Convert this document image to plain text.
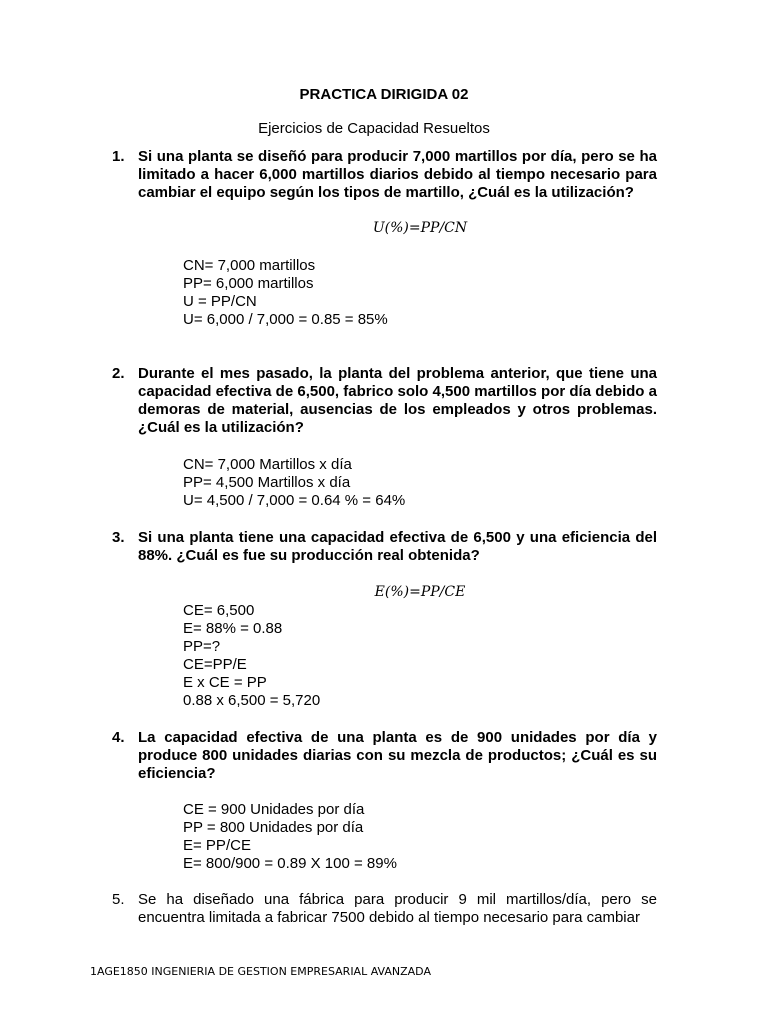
PRACTICA DIRIGIDA 02
Ejercicios de Capacidad Resueltos
1. Si una planta se diseñó para producir 7,000 martillos por día, pero se ha limitado a hacer 6,000 martillos diarios debido al tiempo necesario para cambiar el equipo según los tipos de martillo, ¿Cuál es la utilización?
U(%)=PP/CN
CN= 7,000 martillos
PP= 6,000 martillos
U = PP/CN
U= 6,000 / 7,000 = 0.85 = 85%
2. Durante el mes pasado, la planta del problema anterior, que tiene una capacidad efectiva de 6,500, fabrico solo 4,500 martillos por día debido a demoras de material, ausencias de los empleados y otros problemas. ¿Cuál es la utilización?
CN= 7,000 Martillos x día
PP= 4,500 Martillos x día
U= 4,500 / 7,000 = 0.64 % = 64%
3. Si una planta tiene una capacidad efectiva de 6,500 y una eficiencia del 88%. ¿Cuál es fue su producción real obtenida?
E(%)=PP/CE
CE= 6,500
E= 88% = 0.88
PP=?
CE=PP/E
E x CE = PP
0.88 x 6,500 = 5,720
4. La capacidad efectiva de una planta es de 900 unidades por día y produce 800 unidades diarias con su mezcla de productos; ¿Cuál es su eficiencia?
CE = 900 Unidades por día
PP = 800 Unidades por día
E= PP/CE
E= 800/900 = 0.89 X 100 = 89%
5. Se ha diseñado una fábrica para producir 9 mil martillos/día, pero se encuentra limitada a fabricar 7500 debido al tiempo necesario para cambiar
1AGE1850 INGENIERIA DE GESTION EMPRESARIAL AVANZADA
